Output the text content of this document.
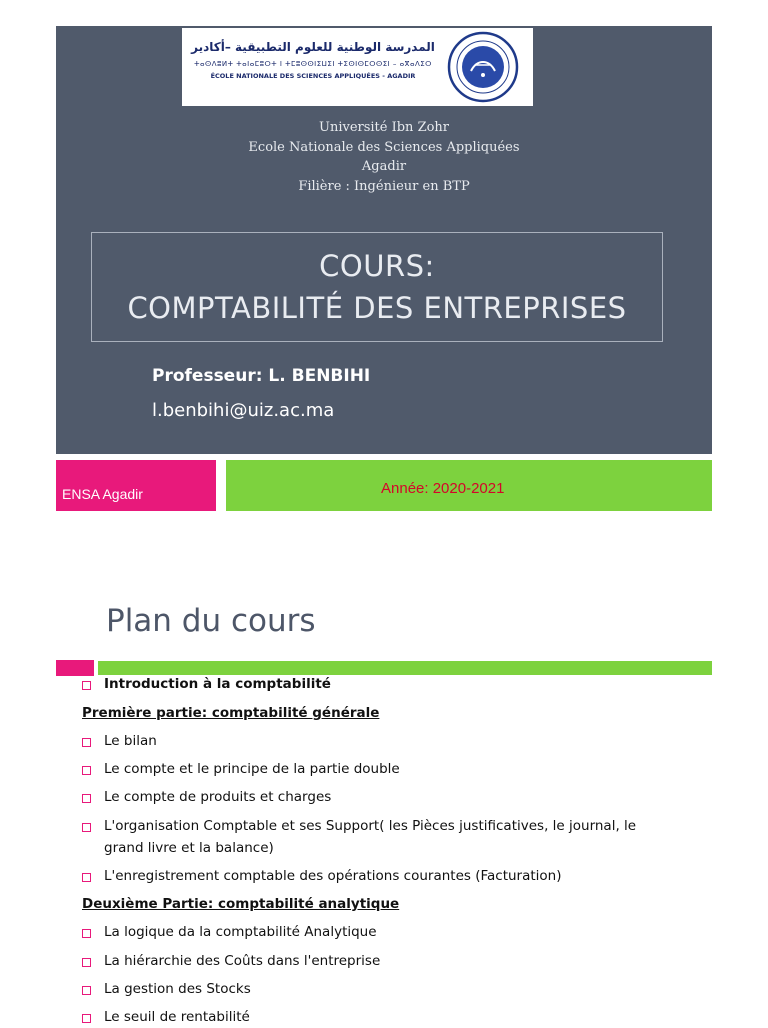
المدرسة الوطنية للعلوم التطبيقية –أكادير
ⵜⴰⵙⴷⵓⵍⵜ ⵜⴰⵏⴰⵎⵓⵔⵜ ⵏ ⵜⵎⵓⵙⵙⵏⵉⵡⵉⵏ ⵜⵉⵙⵏⵙⵎⵔⵙⵉⵏ – ⴰⴳⴰⴷⵉⵔ
ÉCOLE NATIONALE DES SCIENCES APPLIQUÉES - AGADIR
Université Ibn Zohr
Ecole Nationale des Sciences Appliquées
Agadir
Filière : Ingénieur en BTP
COURS:
COMPTABILITÉ DES ENTREPRISES
Professeur: L. BENBIHI
l.benbihi@uiz.ac.ma
ENSA Agadir	Année: 2020-2021
Plan du cours
Introduction à la comptabilité
Première partie: comptabilité générale
Le bilan
Le compte et le principe de la partie double
Le compte de produits et charges
L'organisation Comptable et ses Support( les Pièces justificatives, le journal, le
grand livre et la balance)
L'enregistrement comptable des opérations courantes (Facturation)
Deuxième Partie: comptabilité analytique
La logique da la comptabilité Analytique
La hiérarchie des Coûts dans l'entreprise
La gestion des Stocks
Le seuil de rentabilité
